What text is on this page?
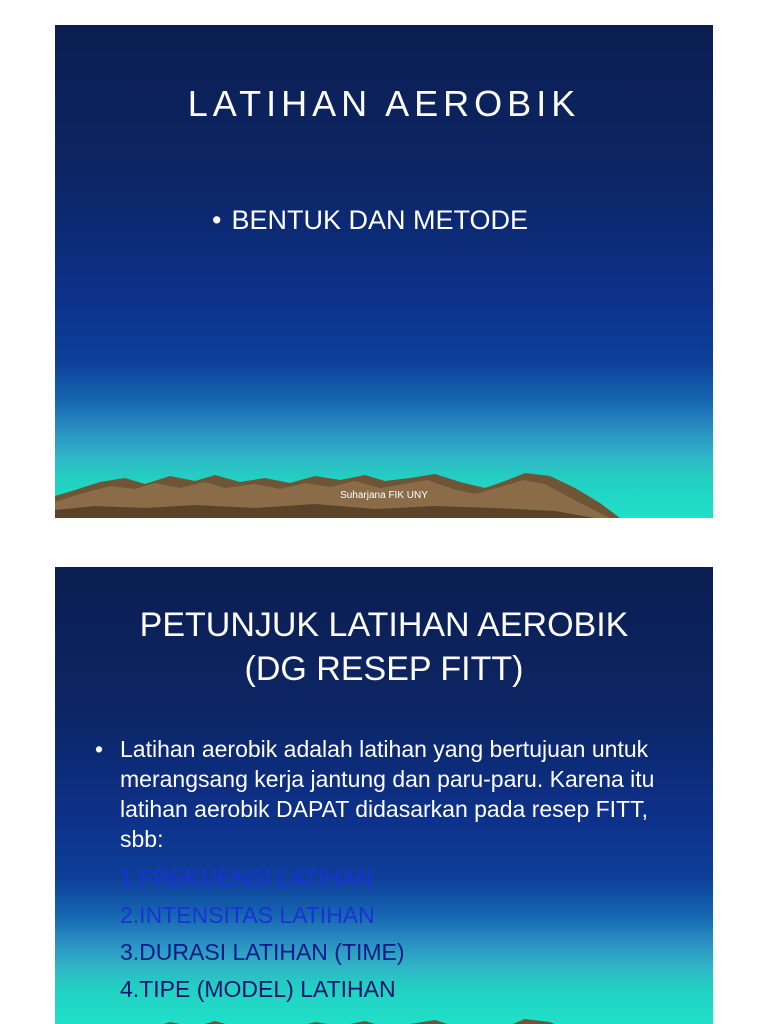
LATIHAN AEROBIK
• BENTUK DAN METODE
Suharjana FIK UNY
PETUNJUK LATIHAN AEROBIK
(DG RESEP FITT)
• Latihan aerobik adalah latihan yang bertujuan untuk merangsang kerja jantung dan paru-paru. Karena itu latihan aerobik DAPAT didasarkan pada resep FITT, sbb:
1.FREKUENSI LATIHAN
2.INTENSITAS LATIHAN
3.DURASI LATIHAN (TIME)
4.TIPE (MODEL) LATIHAN
